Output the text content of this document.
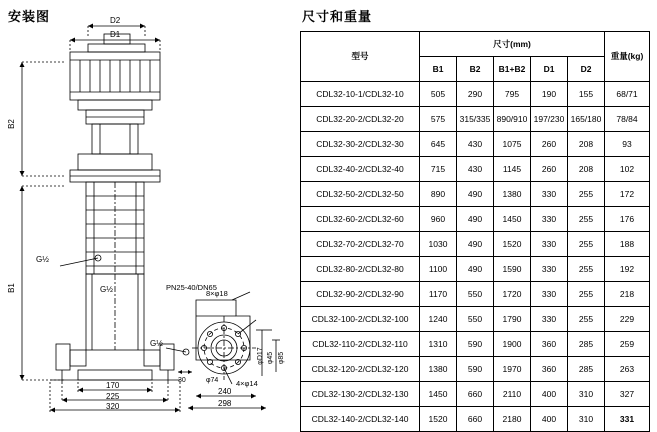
安装图	D2
D1
B2
B1
G½
G½
G½
PN25-40/DN65
8×φ18
4×φ14
φD17 φ45 φ85
φ74
170
225
320
30
240
298
尺寸和重量
型号	尺寸(mm)					重量(kg)
	B1	B2	B1+B2	D1	D2	
CDL32-10-1/CDL32-10	505	290	795	190	155	68/71
CDL32-20-2/CDL32-20	575	315/335	890/910	197/230	165/180	78/84
CDL32-30-2/CDL32-30	645	430	1075	260	208	93
CDL32-40-2/CDL32-40	715	430	1145	260	208	102
CDL32-50-2/CDL32-50	890	490	1380	330	255	172
CDL32-60-2/CDL32-60	960	490	1450	330	255	176
CDL32-70-2/CDL32-70	1030	490	1520	330	255	188
CDL32-80-2/CDL32-80	1100	490	1590	330	255	192
CDL32-90-2/CDL32-90	1170	550	1720	330	255	218
CDL32-100-2/CDL32-100	1240	550	1790	330	255	229
CDL32-110-2/CDL32-110	1310	590	1900	360	285	259
CDL32-120-2/CDL32-120	1380	590	1970	360	285	263
CDL32-130-2/CDL32-130	1450	660	2110	400	310	327
CDL32-140-2/CDL32-140	1520	660	2180	400	310	331
